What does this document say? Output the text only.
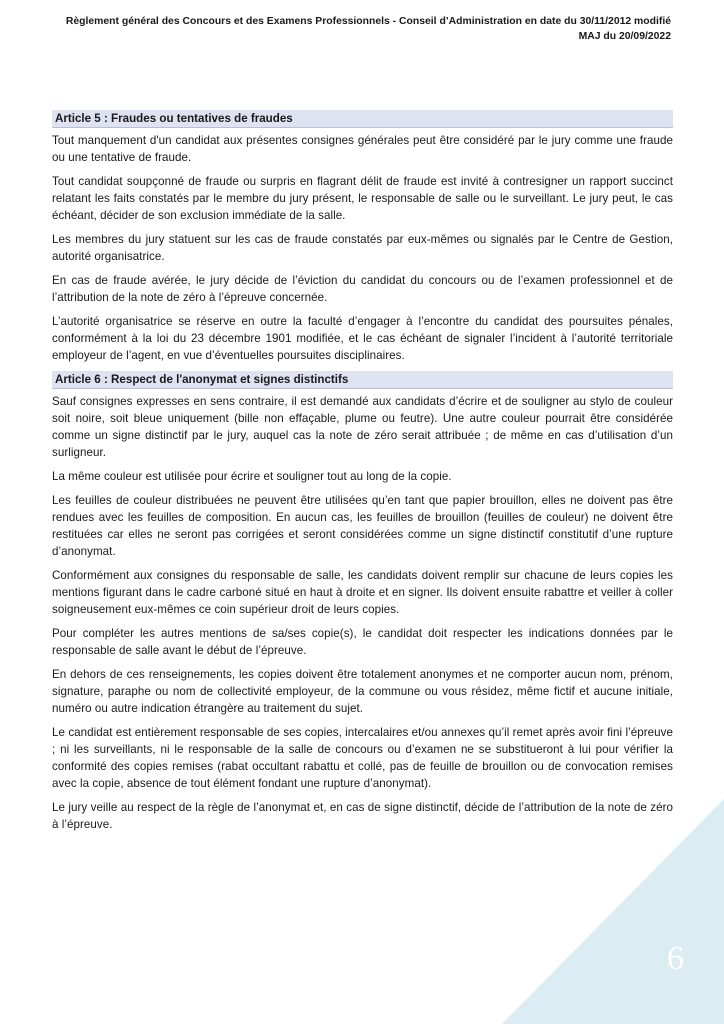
Règlement général des Concours et des Examens Professionnels - Conseil d’Administration en date du 30/11/2012 modifié
MAJ du 20/09/2022
Article 5 : Fraudes ou tentatives de fraudes

Tout manquement d'un candidat aux présentes consignes générales peut être considéré par le jury comme une fraude ou une tentative de fraude.

Tout candidat soupçonné de fraude ou surpris en flagrant délit de fraude est invité à contresigner un rapport succinct relatant les faits constatés par le membre du jury présent, le responsable de salle ou le surveillant. Le jury peut, le cas échéant, décider de son exclusion immédiate de la salle.

Les membres du jury statuent sur les cas de fraude constatés par eux-mêmes ou signalés par le Centre de Gestion, autorité organisatrice.

En cas de fraude avérée, le jury décide de l’éviction du candidat du concours ou de l’examen professionnel et de l’attribution de la note de zéro à l’épreuve concernée.

L’autorité organisatrice se réserve en outre la faculté d’engager à l’encontre du candidat des poursuites pénales, conformément à la loi du 23 décembre 1901 modifiée, et le cas échéant de signaler l’incident à l’autorité territoriale employeur de l’agent, en vue d’éventuelles poursuites disciplinaires.

Article 6 : Respect de l'anonymat et signes distinctifs

Sauf consignes expresses en sens contraire, il est demandé aux candidats d’écrire et de souligner au stylo de couleur soit noire, soit bleue uniquement (bille non effaçable, plume ou feutre). Une autre couleur pourrait être considérée comme un signe distinctif par le jury, auquel cas la note de zéro serait attribuée ; de même en cas d’utilisation d’un surligneur.

La même couleur est utilisée pour écrire et souligner tout au long de la copie.

Les feuilles de couleur distribuées ne peuvent être utilisées qu’en tant que papier brouillon, elles ne doivent pas être rendues avec les feuilles de composition. En aucun cas, les feuilles de brouillon (feuilles de couleur) ne doivent être restituées car elles ne seront pas corrigées et seront considérées comme un signe distinctif constitutif d’une rupture d’anonymat.

Conformément aux consignes du responsable de salle, les candidats doivent remplir sur chacune de leurs copies les mentions figurant dans le cadre carboné situé en haut à droite et en signer. Ils doivent ensuite rabattre et veiller à coller soigneusement eux-mêmes ce coin supérieur droit de leurs copies.

Pour compléter les autres mentions de sa/ses copie(s), le candidat doit respecter les indications données par le responsable de salle avant le début de l’épreuve.

En dehors de ces renseignements, les copies doivent être totalement anonymes et ne comporter aucun nom, prénom, signature, paraphe ou nom de collectivité employeur, de la commune ou vous résidez, même fictif et aucune initiale, numéro ou autre indication étrangère au traitement du sujet.

Le candidat est entièrement responsable de ses copies, intercalaires et/ou annexes qu’il remet après avoir fini l’épreuve ; ni les surveillants, ni le responsable de la salle de concours ou d’examen ne se substitueront à lui pour vérifier la conformité des copies remises (rabat occultant rabattu et collé, pas de feuille de brouillon ou de convocation remises avec la copie, absence de tout élément fondant une rupture d’anonymat).

Le jury veille au respect de la règle de l’anonymat et, en cas de signe distinctif, décide de l’attribution de la note de zéro à l’épreuve.

6
